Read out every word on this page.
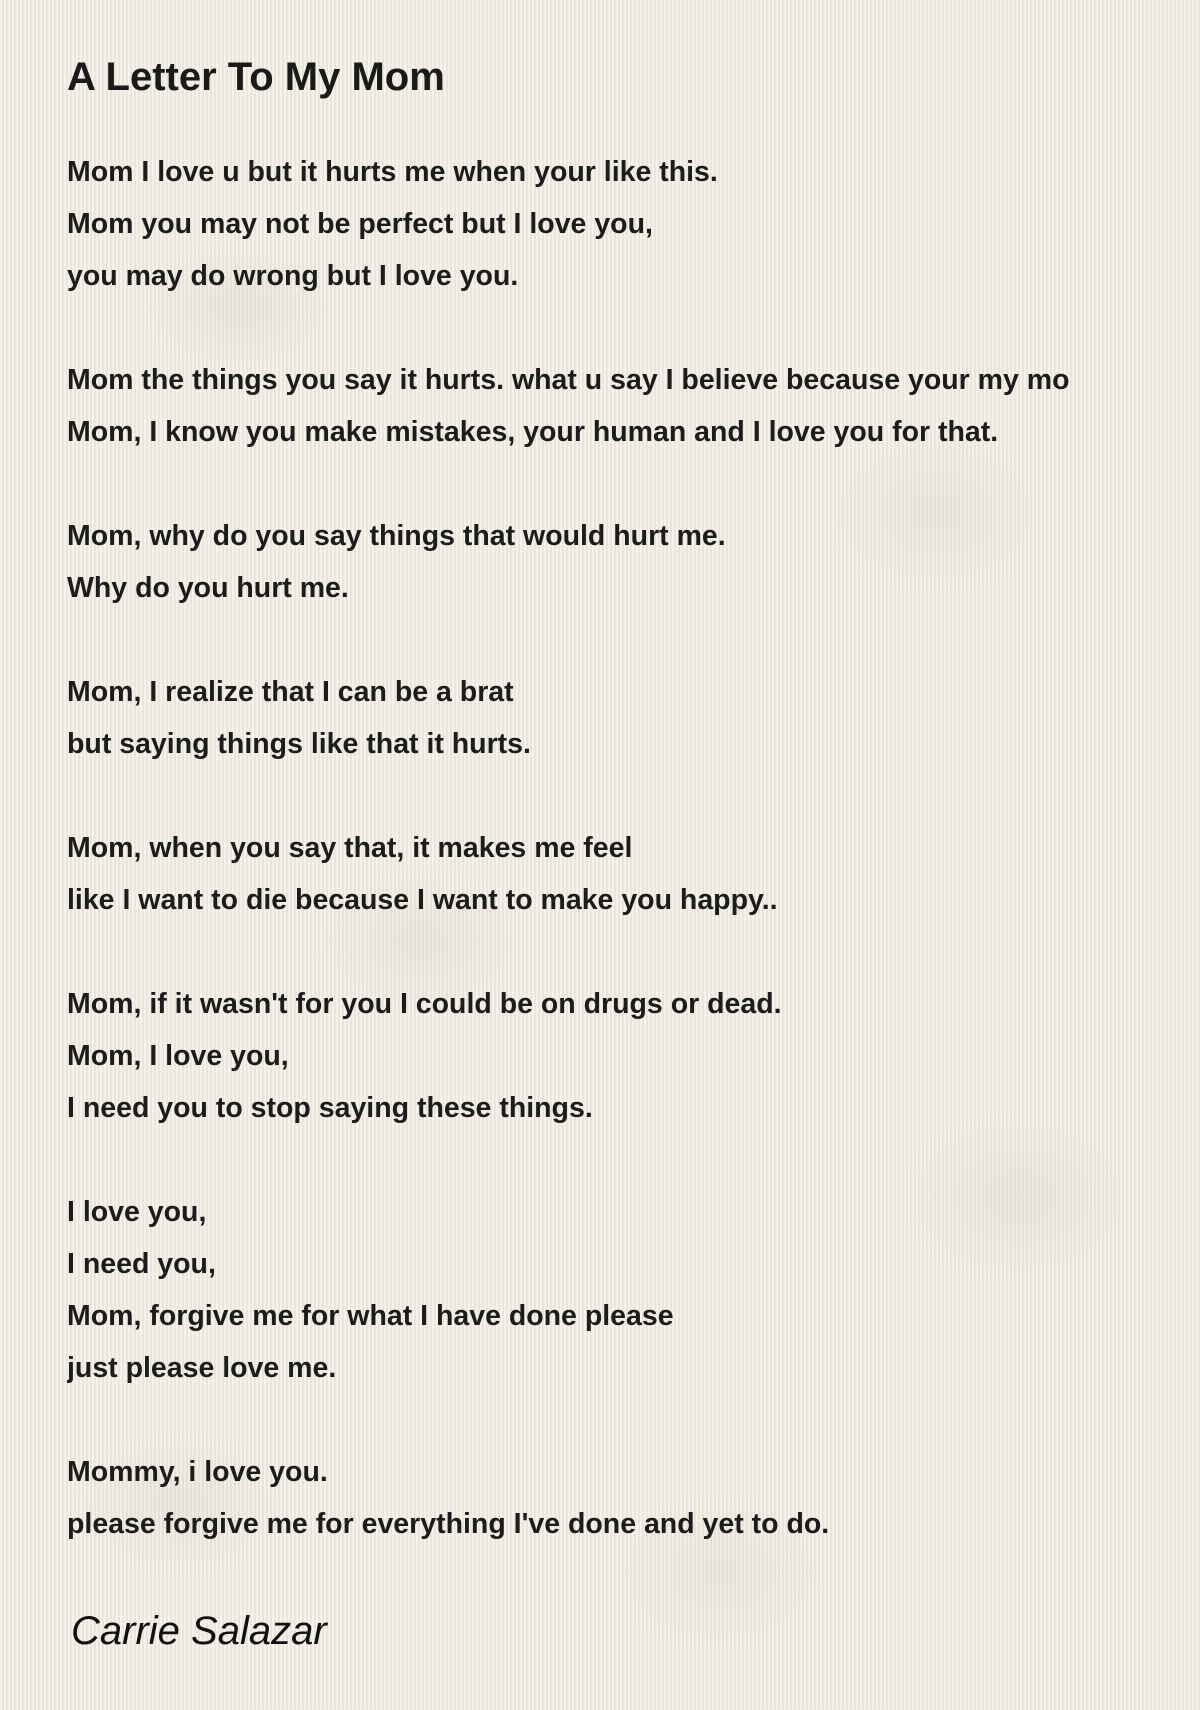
A Letter To My Mom
Mom I love u but it hurts me when your like this.
Mom you may not be perfect but I love you,
you may do wrong but I love you.
Mom the things you say it hurts. what u say I believe because your my mo
Mom, I know you make mistakes, your human and I love you for that.
Mom, why do you say things that would hurt me.
Why do you hurt me.
Mom, I realize that I can be a brat
but saying things like that it hurts.
Mom, when you say that, it makes me feel
like I want to die because I want to make you happy..
Mom, if it wasn't for you I could be on drugs or dead.
Mom, I love you,
I need you to stop saying these things.
I love you,
I need you,
Mom, forgive me for what I have done please
just please love me.
Mommy, i love you.
please forgive me for everything I've done and yet to do.
Carrie Salazar
